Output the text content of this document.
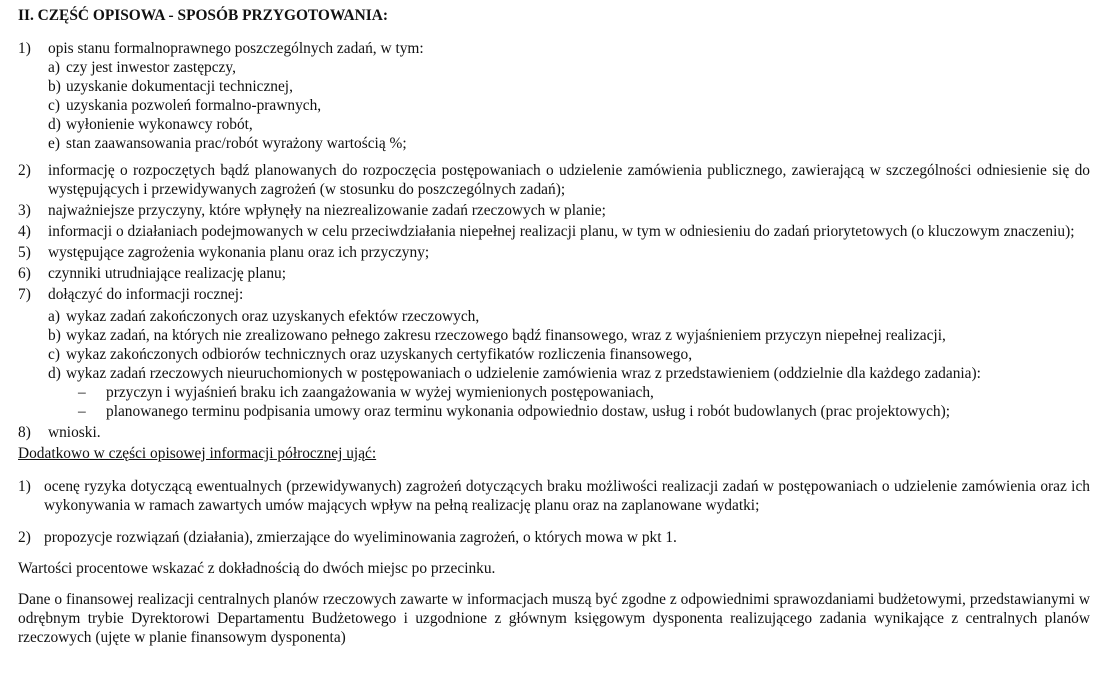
II. CZĘŚĆ OPISOWA - SPOSÓB PRZYGOTOWANIA:
1)	opis stanu formalnoprawnego poszczególnych zadań, w tym:
a) czy jest inwestor zastępczy,
b) uzyskanie dokumentacji technicznej,
c) uzyskania pozwoleń formalno-prawnych,
d) wyłonienie wykonawcy robót,
e) stan zaawansowania prac/robót wyrażony wartością %;
2)	informację o rozpoczętych bądź planowanych do rozpoczęcia postępowaniach o udzielenie zamówienia publicznego, zawierającą w szczególności odniesienie się do występujących i przewidywanych zagrożeń (w stosunku do poszczególnych zadań);
3)	najważniejsze przyczyny, które wpłynęły na niezrealizowanie zadań rzeczowych w planie;
4)	informacji o działaniach podejmowanych w celu przeciwdziałania niepełnej realizacji planu, w tym w odniesieniu do zadań priorytetowych (o kluczowym znaczeniu);
5)	występujące zagrożenia wykonania planu oraz ich przyczyny;
6)	czynniki utrudniające realizację planu;
7)	dołączyć do informacji rocznej:
a) wykaz zadań zakończonych oraz uzyskanych efektów rzeczowych,
b) wykaz zadań, na których nie zrealizowano pełnego zakresu rzeczowego bądź finansowego, wraz z wyjaśnieniem przyczyn niepełnej realizacji,
c) wykaz zakończonych odbiorów technicznych oraz uzyskanych certyfikatów rozliczenia finansowego,
d) wykaz zadań rzeczowych nieuruchomionych w postępowaniach o udzielenie zamówienia wraz z przedstawieniem (oddzielnie dla każdego zadania):
–	przyczyn i wyjaśnień braku ich zaangażowania w wyżej wymienionych postępowaniach,
–	planowanego terminu podpisania umowy oraz terminu wykonania odpowiednio dostaw, usług i robót budowlanych (prac projektowych);
8)	wnioski.
Dodatkowo w części opisowej informacji półrocznej ująć:
1) ocenę ryzyka dotyczącą ewentualnych (przewidywanych) zagrożeń dotyczących braku możliwości realizacji zadań w postępowaniach o udzielenie zamówienia oraz ich wykonywania w ramach zawartych umów mających wpływ na pełną realizację planu oraz na zaplanowane wydatki;
2) propozycje rozwiązań (działania), zmierzające do wyeliminowania zagrożeń, o których mowa w pkt 1.
Wartości procentowe wskazać z dokładnością do dwóch miejsc po przecinku.
Dane o finansowej realizacji centralnych planów rzeczowych zawarte w informacjach muszą być zgodne z odpowiednimi sprawozdaniami budżetowymi, przedstawianymi w odrębnym trybie Dyrektorowi Departamentu Budżetowego i uzgodnione z głównym księgowym dysponenta realizującego zadania wynikające z centralnych planów rzeczowych (ujęte w planie finansowym dysponenta)
